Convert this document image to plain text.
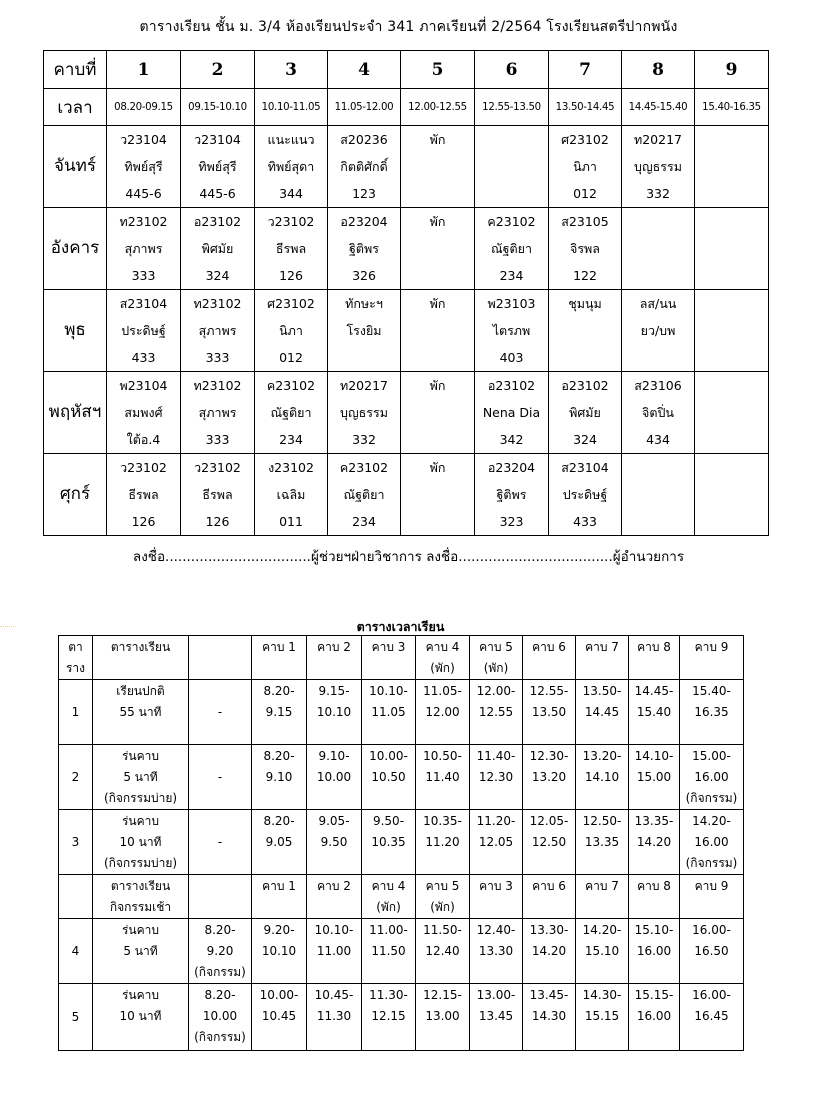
ตารางเรียน ชั้น ม. 3/4 ห้องเรียนประจำ 341 ภาคเรียนที่ 2/2564 โรงเรียนสตรีปากพนัง
คาบที่	1	2	3	4	5	6	7	8	9
เวลา	08.20-09.15	09.15-10.10	10.10-11.05	11.05-12.00	12.00-12.55	12.55-13.50	13.50-14.45	14.45-15.40	15.40-16.35
จันทร์	ว23104
ทิพย์สุรี
445-6	ว23104
ทิพย์สุรี
445-6	แนะแนว
ทิพย์สุดา
344	ส20236
กิตติศักดิ์
123	พัก		ศ23102
นิภา
012	ท20217
บุญธรรม
332	

อังคาร	ท23102
สุภาพร
333	อ23102
พิศมัย
324	ว23102
ธีรพล
126	อ23204
ฐิติพร
326	พัก	ค23102
ณัฐติยา
234	ส23105
จิรพล
122		

พุธ	ส23104
ประดิษฐ์
433	ท23102
สุภาพร
333	ศ23102
นิภา
012	ทักษะฯ
โรงยิม	พัก	พ23103
ไตรภพ
403	ชุมนุม	ลส/นน
ยว/บพ	

พฤหัสฯ	พ23104
สมพงศ์
ใต้อ.4	ท23102
สุภาพร
333	ค23102
ณัฐติยา
234	ท20217
บุญธรรม
332	พัก	อ23102
Nena Dia
342	อ23102
พิศมัย
324	ส23106
จิตปิ่น
434	

ศุกร์	ว23102
ธีรพล
126	ว23102
ธีรพล
126	ง23102
เฉลิม
011	ค23102
ณัฐติยา
234	พัก	อ23204
ฐิติพร
323	ส23104
ประดิษฐ์
433		

ลงชื่อ..................................ผู้ช่วยฯฝ่ายวิชาการ ลงชื่อ....................................ผู้อำนวยการ
ตารางเวลาเรียน
ตา
ราง	ตารางเรียน		คาบ 1	คาบ 2	คาบ 3	คาบ 4
(พัก)	คาบ 5
(พัก)	คาบ 6	คาบ 7	คาบ 8	คาบ 9

1	เรียนปกติ
55 นาที	-	8.20-
9.15	9.15-
10.10	10.10-
11.05	11.05-
12.00	12.00-
12.55	12.55-
13.50	13.50-
14.45	14.45-
15.40	15.40-
16.35

2	ร่นคาบ
5 นาที
(กิจกรรมบ่าย)	-	8.20-
9.10	9.10-
10.00	10.00-
10.50	10.50-
11.40	11.40-
12.30	12.30-
13.20	13.20-
14.10	14.10-
15.00	15.00-
16.00
(กิจกรรม)

3	ร่นคาบ
10 นาที
(กิจกรรมบ่าย)	-	8.20-
9.05	9.05-
9.50	9.50-
10.35	10.35-
11.20	11.20-
12.05	12.05-
12.50	12.50-
13.35	13.35-
14.20	14.20-
16.00
(กิจกรรม)

	ตารางเรียน
กิจกรรมเช้า		คาบ 1	คาบ 2	คาบ 4
(พัก)	คาบ 5
(พัก)	คาบ 3	คาบ 6	คาบ 7	คาบ 8	คาบ 9

4	ร่นคาบ
5 นาที	8.20-
9.20
(กิจกรรม)	9.20-
10.10	10.10-
11.00	11.00-
11.50	11.50-
12.40	12.40-
13.30	13.30-
14.20	14.20-
15.10	15.10-
16.00	16.00-
16.50

5	ร่นคาบ
10 นาที	8.20-
10.00
(กิจกรรม)	10.00-
10.45	10.45-
11.30	11.30-
12.15	12.15-
13.00	13.00-
13.45	13.45-
14.30	14.30-
15.15	15.15-
16.00	16.00-
16.45
